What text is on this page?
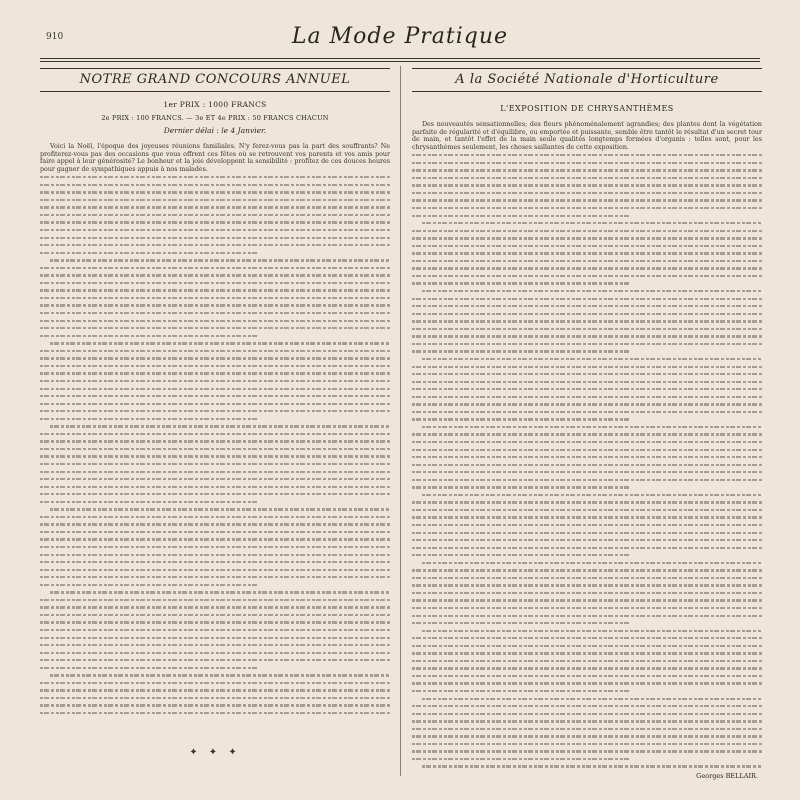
910	La Mode Pratique
NOTRE GRAND CONCOURS ANNUEL
1er PRIX : 1000 FRANCS
2e PRIX : 100 FRANCS. — 3e ET 4e PRIX : 50 FRANCS CHACUN
Dernier délai : le 4 Janvier.

Voici la Noël, l'époque des joyeuses réunions familiales. N'y ferez-vous pas la part des souffrants? Ne profiterez-vous pas des occasions que vous offrent ces fêtes où se retrouvent vos parents et vos amis pour faire appel à leur générosité? Le bonheur et la joie développent la sensibilité : profitez de ces douces heures pour gagner de sympathiques appuis à nos malades.

✦ ✦ ✦
A la Société Nationale d'Horticulture
L'EXPOSITION DE CHRYSANTHÈMES

Des nouveautés sensationnelles; des fleurs phénoménalement agrandies; des plantes dont la végétation parfaite de régularité et d'équilibre, ou emportée et puissante, semble être tantôt le résultat d'un secret tour de main, et tantôt l'effet de la main seule qualités longtemps formées d'organis : telles sont, pour les chrysanthèmes seulement, les choses saillantes de cette exposition.

Georges BELLAIR.
